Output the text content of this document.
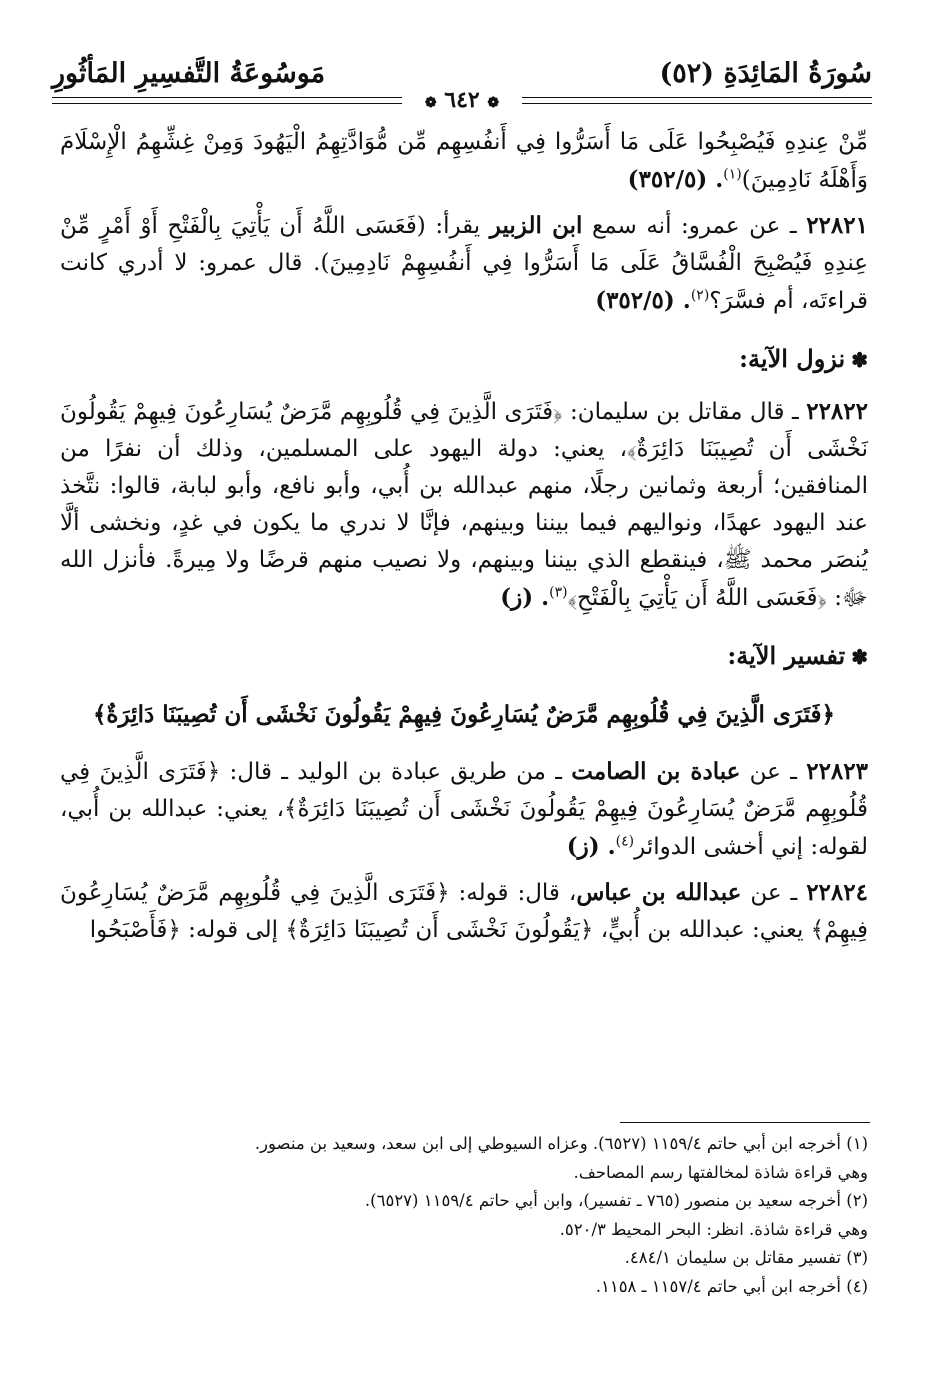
سُورَةُ المَائِدَةِ (٥٢)
مَوسُوعَةُ التَّفسِيرِ المَأثُورِ
❁ ٦٤٢ ❁

مِّنْ عِندِهِ فَيُصْبِحُوا عَلَى مَا أَسَرُّوا فِي أَنفُسِهِم مِّن مُّوَادَّتِهِمُ الْيَهُودَ وَمِنْ غِشِّهِمُ الْإِسْلَامَ وَأَهْلَهُ نَادِمِينَ)$^{(١)}$. (٣٥٢/٥)

٢٢٨٢١ ـ عن عمرو: أنه سمع ابن الزبير يقرأ: (فَعَسَى اللَّهُ أَن يَأْتِيَ بِالْفَتْحِ أَوْ أَمْرٍ مِّنْ عِندِهِ فَيُصْبِحَ الْفُسَّاقُ عَلَى مَا أَسَرُّوا فِي أَنفُسِهِمْ نَادِمِينَ). قال عمرو: لا أدري كانت قراءتَه، أم فسَّرَ؟$^{(٢)}$. (٣٥٢/٥)

✽نزول الآية:

٢٢٨٢٢ ـ قال مقاتل بن سليمان: ﴿فَتَرَى الَّذِينَ فِي قُلُوبِهِم مَّرَضٌ يُسَارِعُونَ فِيهِمْ يَقُولُونَ نَخْشَى أَن تُصِيبَنَا دَائِرَةٌ﴾، يعني: دولة اليهود على المسلمين، وذلك أن نفرًا من المنافقين؛ أربعة وثمانين رجلًا، منهم عبدالله بن أُبي، وأبو نافع، وأبو لبابة، قالوا: نتَّخذ عند اليهود عهدًا، ونواليهم فيما بيننا وبينهم، فإنَّا لا ندري ما يكون في غدٍ، ونخشى ألَّا يُنصَر محمد ﷺ، فينقطع الذي بيننا وبينهم، ولا نصيب منهم قرضًا ولا مِيرةً. فأنزل الله ﷻ: ﴿فَعَسَى اللَّهُ أَن يَأْتِيَ بِالْفَتْحِ﴾$^{(٣)}$. (ز)

✽تفسير الآية:
﴿فَتَرَى الَّذِينَ فِي قُلُوبِهِم مَّرَضٌ يُسَارِعُونَ فِيهِمْ يَقُولُونَ نَخْشَى أَن تُصِيبَنَا دَائِرَةٌ﴾

٢٢٨٢٣ ـ عن عبادة بن الصامت ـ من طريق عبادة بن الوليد ـ قال: ﴿فَتَرَى الَّذِينَ فِي قُلُوبِهِم مَّرَضٌ يُسَارِعُونَ فِيهِمْ يَقُولُونَ نَخْشَى أَن تُصِيبَنَا دَائِرَةٌ﴾، يعني: عبدالله بن أُبي، لقوله: إني أخشى الدوائر$^{(٤)}$. (ز)

٢٢٨٢٤ ـ عن عبدالله بن عباس، قال: قوله: ﴿فَتَرَى الَّذِينَ فِي قُلُوبِهِم مَّرَضٌ يُسَارِعُونَ فِيهِمْ﴾ يعني: عبدالله بن أُبيٍّ، ﴿يَقُولُونَ نَخْشَى أَن تُصِيبَنَا دَائِرَةٌ﴾ إلى قوله: ﴿فَأَصْبَحُوا

(١) أخرجه ابن أبي حاتم ١١٥٩/٤ (٦٥٢٧). وعزاه السيوطي إلى ابن سعد، وسعيد بن منصور.

وهي قراءة شاذة لمخالفتها رسم المصاحف.

(٢) أخرجه سعيد بن منصور (٧٦٥ ـ تفسير)، وابن أبي حاتم ١١٥٩/٤ (٦٥٢٧).

وهي قراءة شاذة. انظر: البحر المحيط ٥٢٠/٣.

(٣) تفسير مقاتل بن سليمان ٤٨٤/١.

(٤) أخرجه ابن أبي حاتم ١١٥٧/٤ ـ ١١٥٨.
